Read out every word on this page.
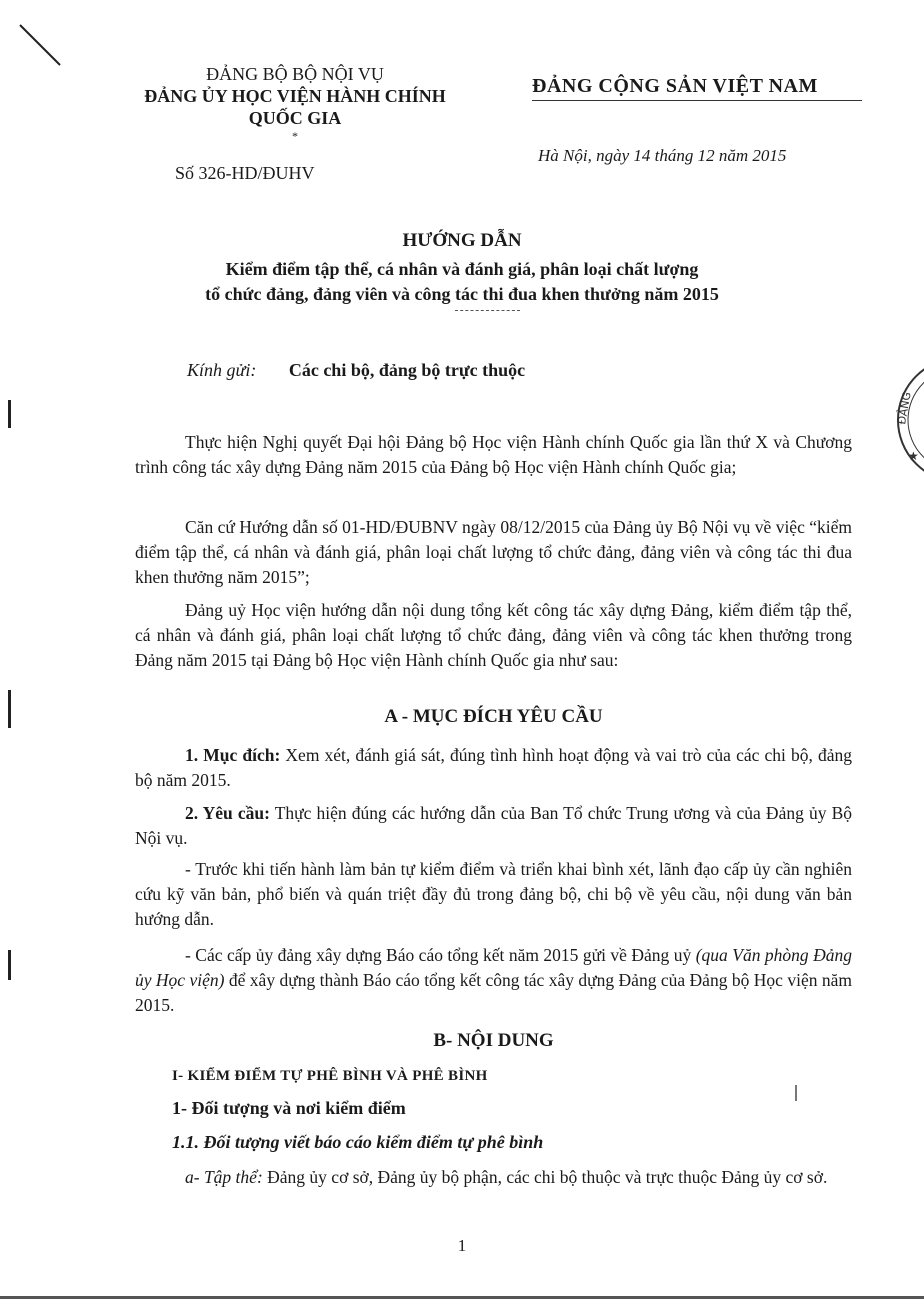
ĐẢNG
★
ĐẢNG BỘ BỘ NỘI VỤ
ĐẢNG ỦY HỌC VIỆN HÀNH CHÍNH
QUỐC GIA
*
Số 326-HD/ĐUHV
ĐẢNG CỘNG SẢN VIỆT NAM
Hà Nội, ngày 14 tháng 12 năm 2015
HƯỚNG DẪN
Kiểm điểm tập thể, cá nhân và đánh giá, phân loại chất lượng
tổ chức đảng, đảng viên và công tác thi đua khen thưởng năm 2015
Kính gửi: Các chi bộ, đảng bộ trực thuộc

Thực hiện Nghị quyết Đại hội Đảng bộ Học viện Hành chính Quốc gia lần thứ X và Chương trình công tác xây dựng Đảng năm 2015 của Đảng bộ Học viện Hành chính Quốc gia;

Căn cứ Hướng dẫn số 01-HD/ĐUBNV ngày 08/12/2015 của Đảng ủy Bộ Nội vụ về việc “kiểm điểm tập thể, cá nhân và đánh giá, phân loại chất lượng tổ chức đảng, đảng viên và công tác thi đua khen thưởng năm 2015”;

Đảng uỷ Học viện hướng dẫn nội dung tổng kết công tác xây dựng Đảng, kiểm điểm tập thể, cá nhân và đánh giá, phân loại chất lượng tổ chức đảng, đảng viên và công tác khen thưởng trong Đảng năm 2015 tại Đảng bộ Học viện Hành chính Quốc gia như sau:

A - MỤC ĐÍCH YÊU CẦU

1. Mục đích: Xem xét, đánh giá sát, đúng tình hình hoạt động và vai trò của các chi bộ, đảng bộ năm 2015.

2. Yêu cầu: Thực hiện đúng các hướng dẫn của Ban Tổ chức Trung ương và của Đảng ủy Bộ Nội vụ.

- Trước khi tiến hành làm bản tự kiểm điểm và triển khai bình xét, lãnh đạo cấp ủy cần nghiên cứu kỹ văn bản, phổ biến và quán triệt đầy đủ trong đảng bộ, chi bộ về yêu cầu, nội dung văn bản hướng dẫn.

- Các cấp ủy đảng xây dựng Báo cáo tổng kết năm 2015 gửi về Đảng uỷ (qua Văn phòng Đảng ủy Học viện) để xây dựng thành Báo cáo tổng kết công tác xây dựng Đảng của Đảng bộ Học viện năm 2015.

B- NỘI DUNG
I- KIỂM ĐIỂM TỰ PHÊ BÌNH VÀ PHÊ BÌNH
1- Đối tượng và nơi kiểm điểm
1.1. Đối tượng viết báo cáo kiểm điểm tự phê bình

a- Tập thể: Đảng ủy cơ sở, Đảng ủy bộ phận, các chi bộ thuộc và trực thuộc Đảng ủy cơ sở.

1
